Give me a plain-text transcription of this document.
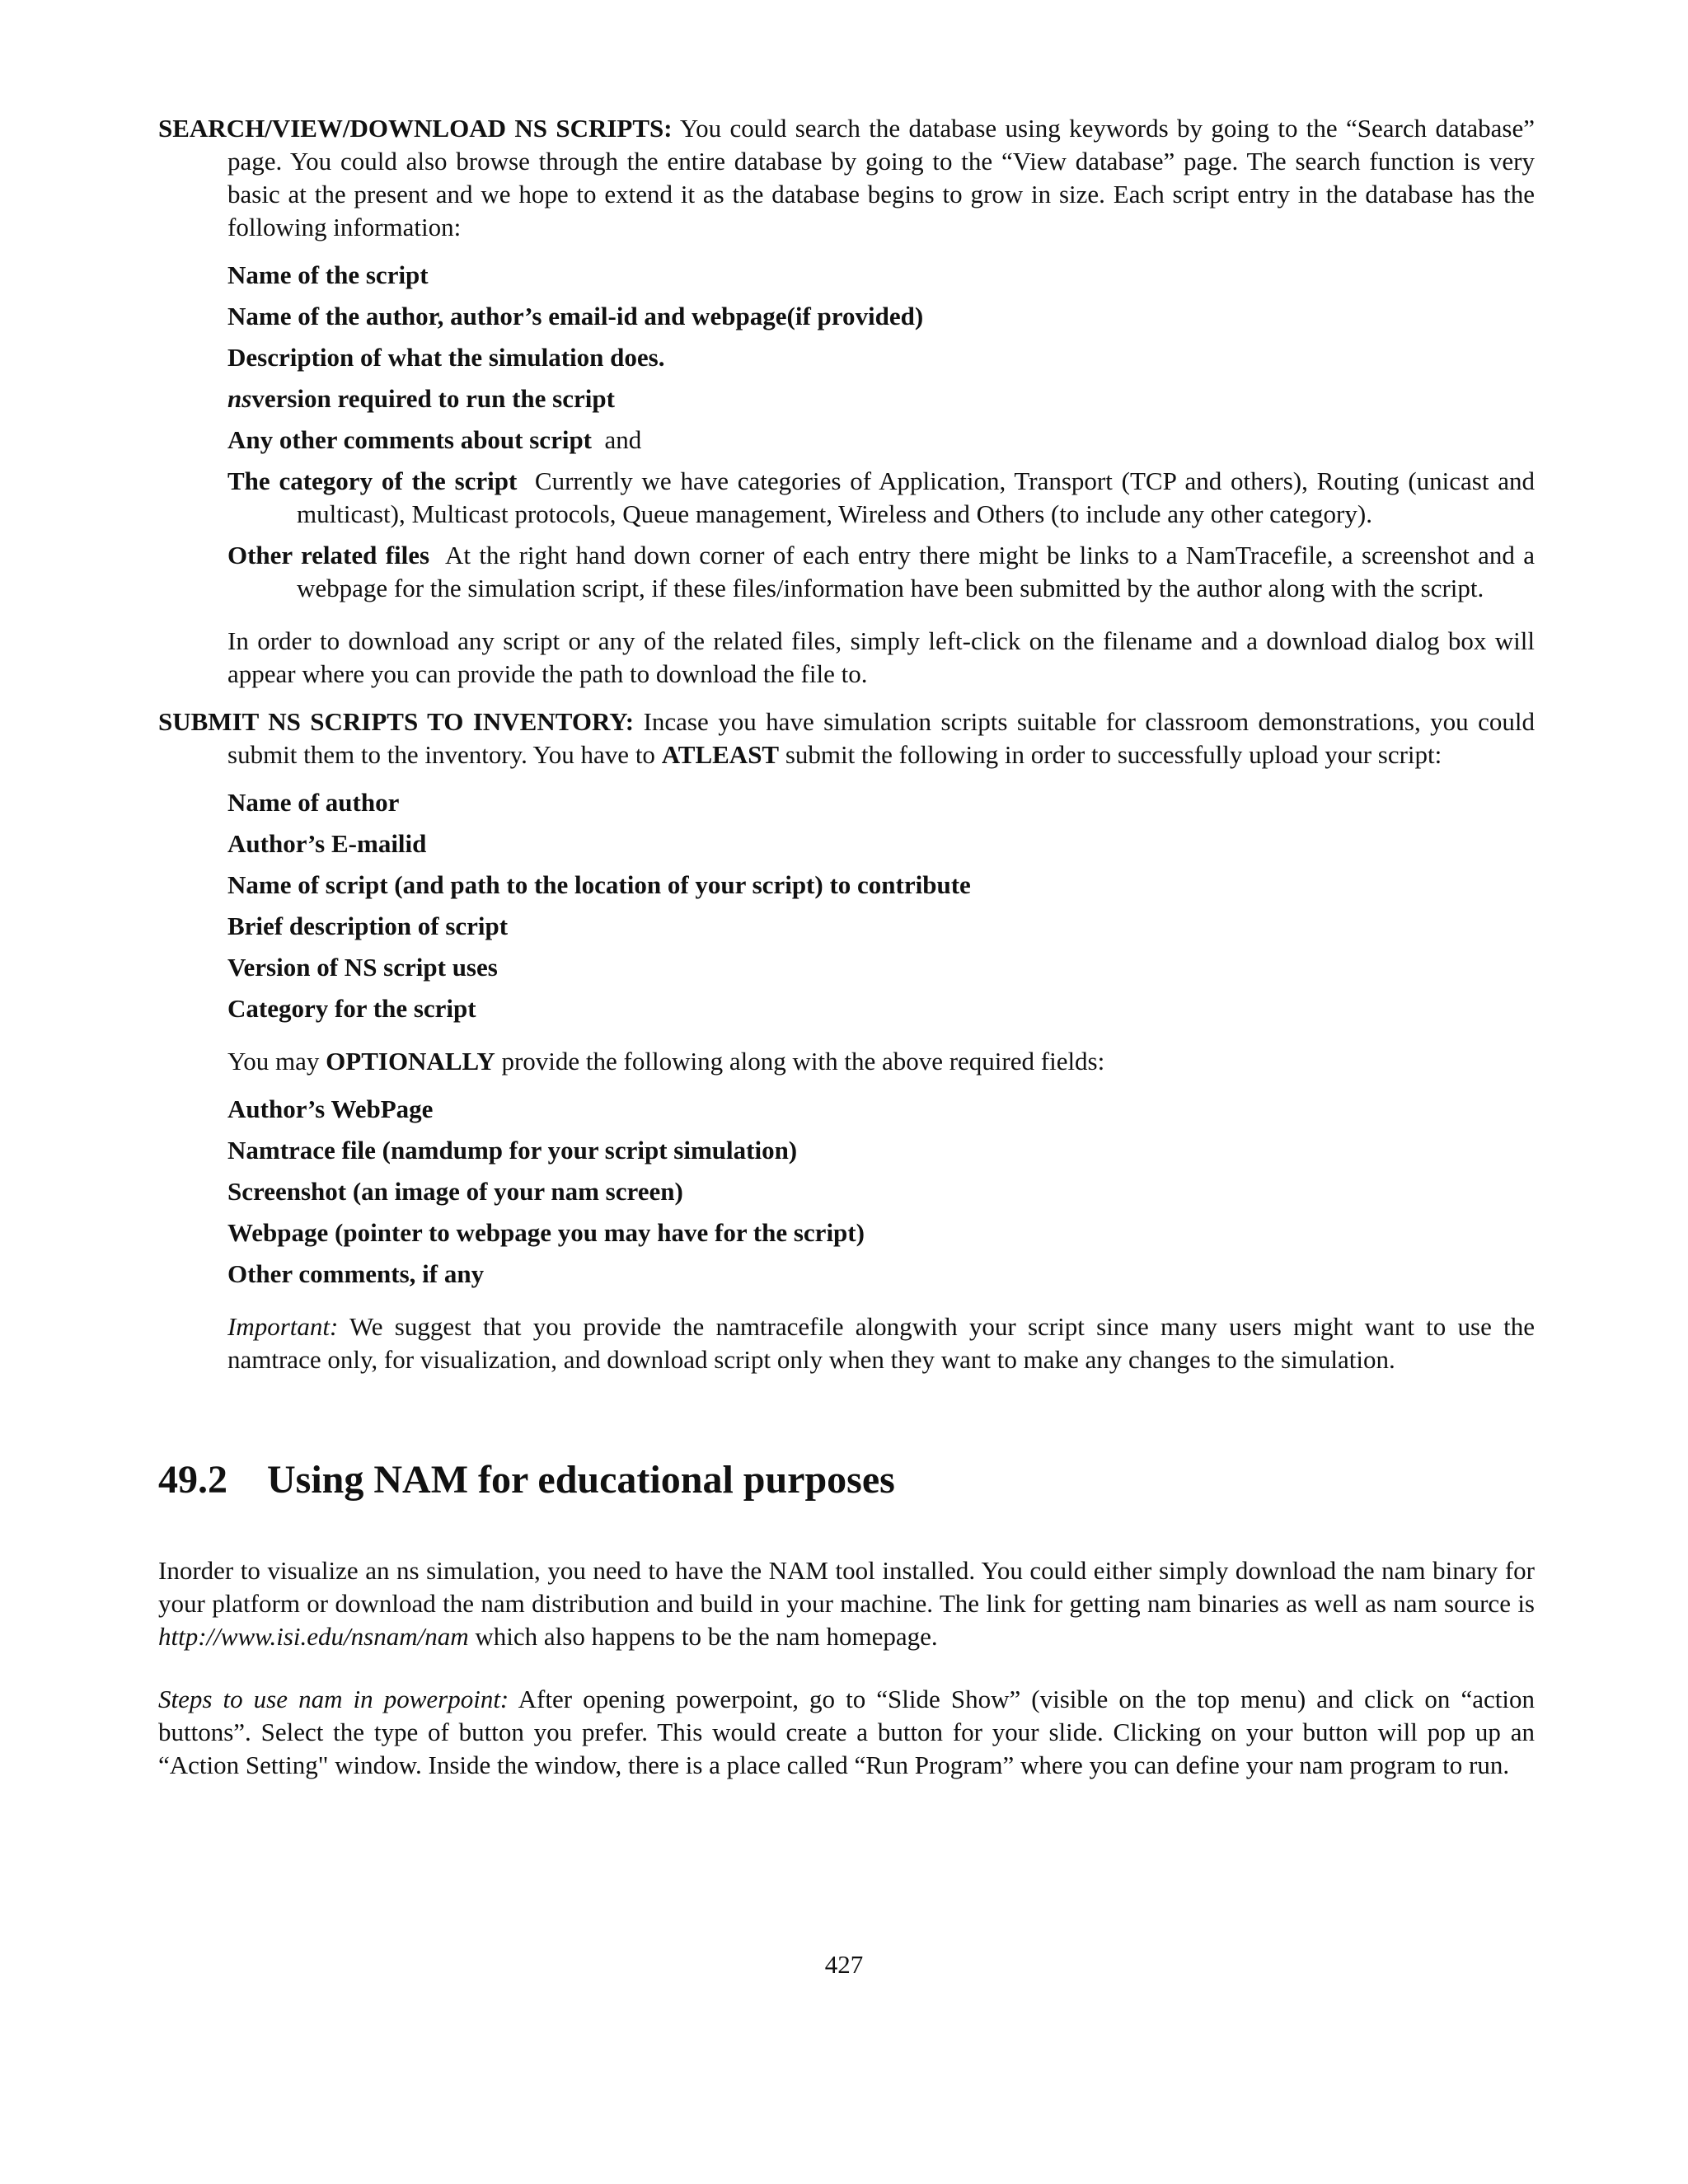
SEARCH/VIEW/DOWNLOAD NS SCRIPTS: You could search the database using keywords by going to the “Search database” page. You could also browse through the entire database by going to the “View database” page. The search function is very basic at the present and we hope to extend it as the database begins to grow in size. Each script entry in the database has the following information:

Name of the script

Name of the author, author’s email-id and webpage(if provided)

Description of what the simulation does.

nsversion required to run the script

Any other comments about script and

The category of the script Currently we have categories of Application, Transport (TCP and others), Routing (unicast and multicast), Multicast protocols, Queue management, Wireless and Others (to include any other category).

Other related files At the right hand down corner of each entry there might be links to a NamTracefile, a screenshot and a webpage for the simulation script, if these files/information have been submitted by the author along with the script.

In order to download any script or any of the related files, simply left-click on the filename and a download dialog box will appear where you can provide the path to download the file to.

SUBMIT NS SCRIPTS TO INVENTORY: Incase you have simulation scripts suitable for classroom demonstrations, you could submit them to the inventory. You have to ATLEAST submit the following in order to successfully upload your script:

Name of author

Author’s E-mailid

Name of script (and path to the location of your script) to contribute

Brief description of script

Version of NS script uses

Category for the script

You may OPTIONALLY provide the following along with the above required fields:

Author’s WebPage

Namtrace file (namdump for your script simulation)

Screenshot (an image of your nam screen)

Webpage (pointer to webpage you may have for the script)

Other comments, if any

Important: We suggest that you provide the namtracefile alongwith your script since many users might want to use the namtrace only, for visualization, and download script only when they want to make any changes to the simulation.

49.2 Using NAM for educational purposes

Inorder to visualize an ns simulation, you need to have the NAM tool installed. You could either simply download the nam binary for your platform or download the nam distribution and build in your machine. The link for getting nam binaries as well as nam source is http://www.isi.edu/nsnam/nam which also happens to be the nam homepage.

Steps to use nam in powerpoint: After opening powerpoint, go to “Slide Show” (visible on the top menu) and click on “action buttons”. Select the type of button you prefer. This would create a button for your slide. Clicking on your button will pop up an “Action Setting" window. Inside the window, there is a place called “Run Program” where you can define your nam program to run.

427
